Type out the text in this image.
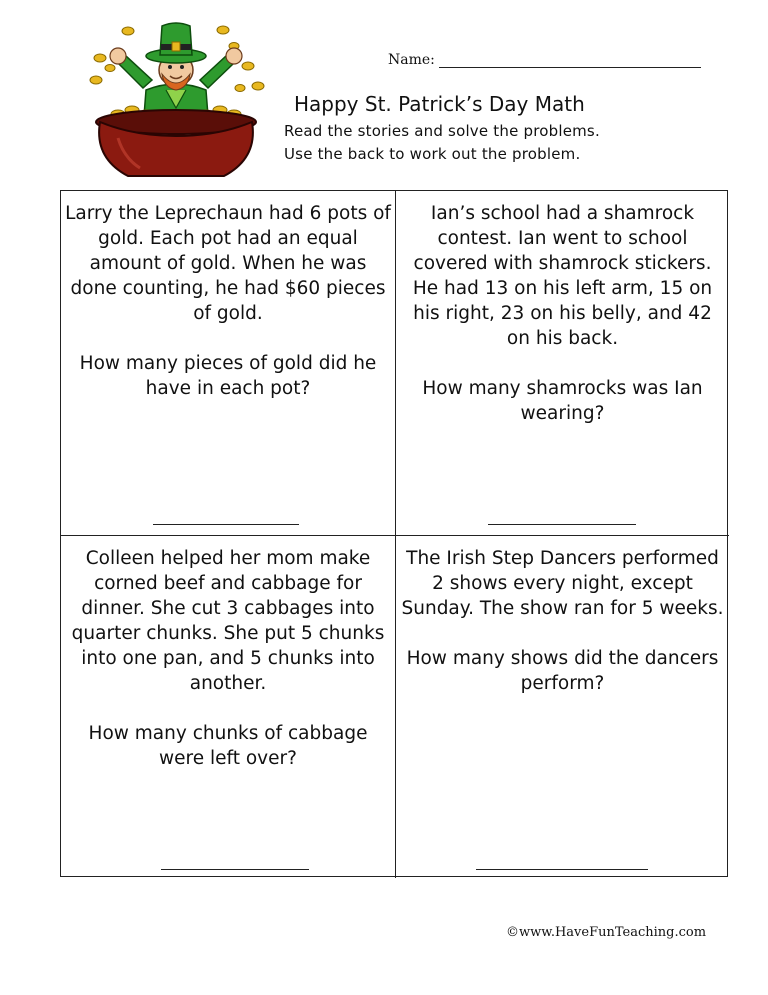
Name:
Happy St. Patrick’s Day Math
Read the stories and solve the problems.
Use the back to work out the problem.

Larry the Leprechaun had 6 pots of gold. Each pot had an equal amount of gold. When he was done counting, he had $60 pieces of gold.

How many pieces of gold did he have in each pot?

Ian’s school had a shamrock contest. Ian went to school covered with shamrock stickers. He had 13 on his left arm, 15 on his right, 23 on his belly, and 42 on his back.

How many shamrocks was Ian wearing?

Colleen helped her mom make corned beef and cabbage for dinner. She cut 3 cabbages into quarter chunks. She put 5 chunks into one pan, and 5 chunks into another.

How many chunks of cabbage were left over?

The Irish Step Dancers performed 2 shows every night, except Sunday. The show ran for 5 weeks.

How many shows did the dancers perform?

©www.HaveFunTeaching.com
